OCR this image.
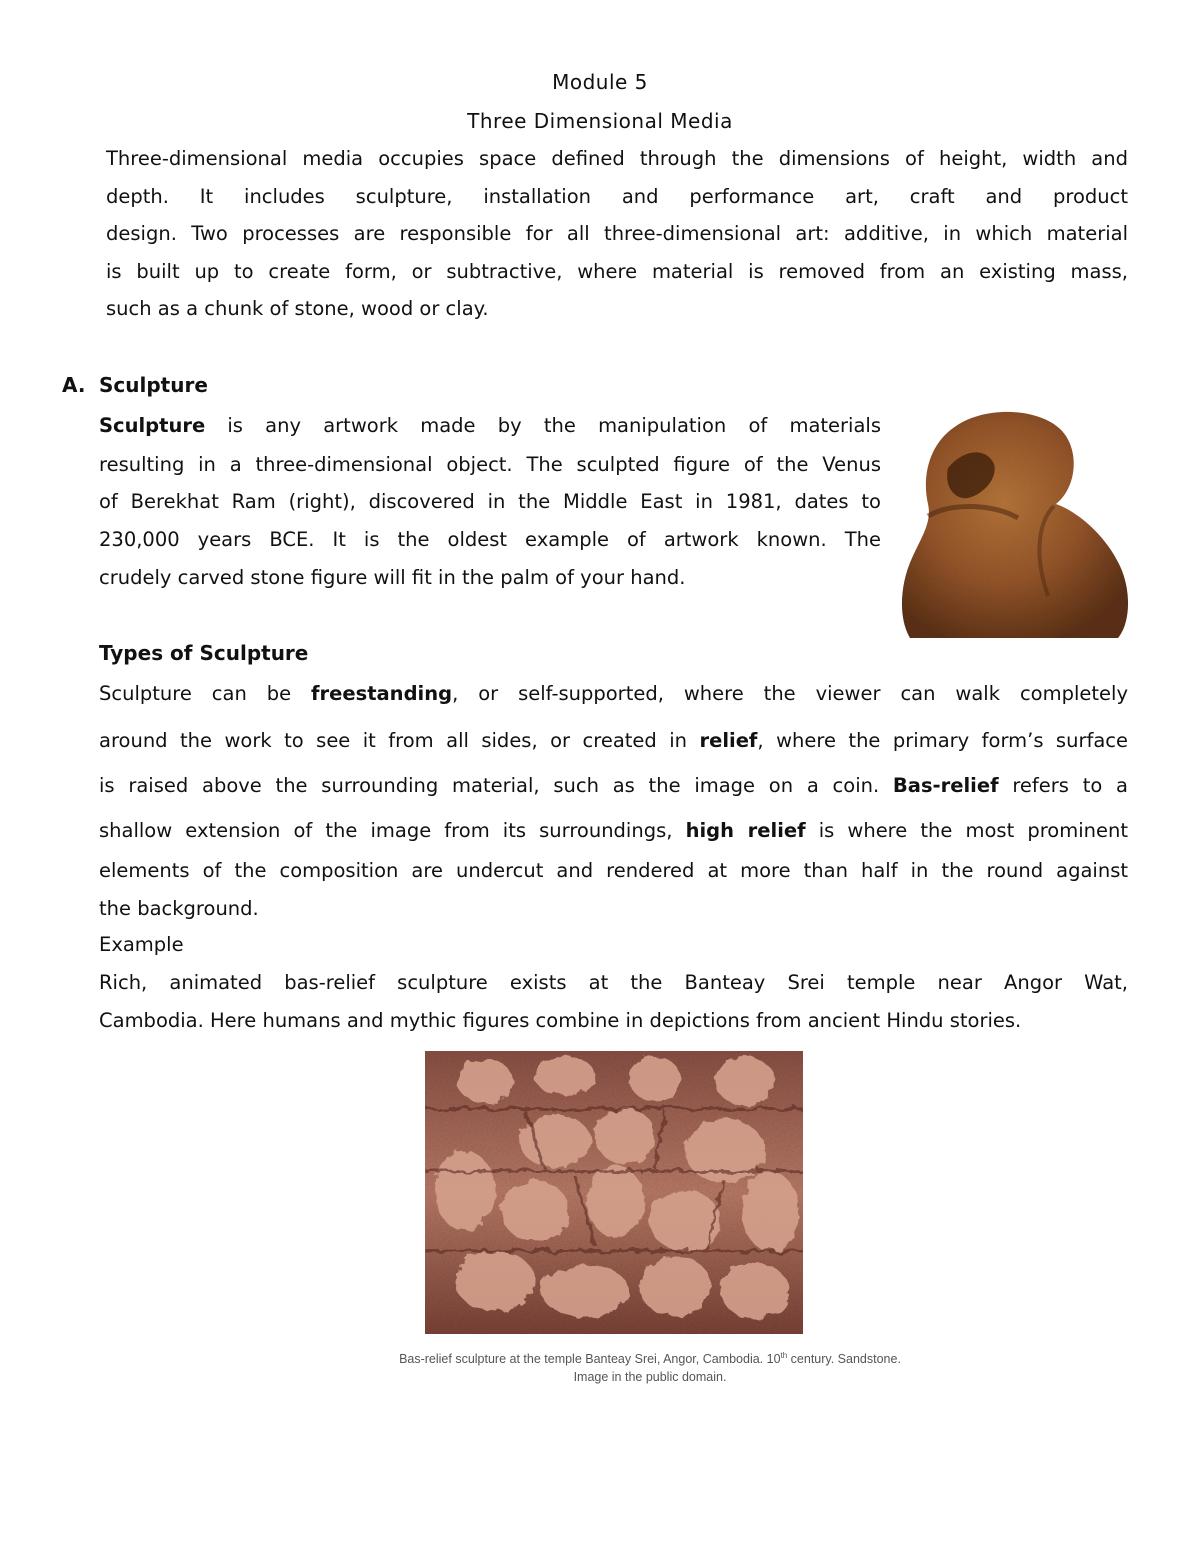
Module 5
Three Dimensional Media
Three-dimensional media occupies space defined through the dimensions of height, width and
depth. It includes sculpture, installation and performance art, craft and product
design. Two processes are responsible for all three-dimensional art: additive, in which material
is built up to create form, or subtractive, where material is removed from an existing mass,
such as a chunk of stone, wood or clay.
A. Sculpture
Sculpture is any artwork made by the manipulation of materials
resulting in a three-dimensional object. The sculpted figure of the Venus
of Berekhat Ram (right), discovered in the Middle East in 1981, dates to
230,000 years BCE. It is the oldest example of artwork known. The
crudely carved stone figure will fit in the palm of your hand.
Types of Sculpture
Sculpture can be freestanding, or self-supported, where the viewer can walk completely
around the work to see it from all sides, or created in relief, where the primary form’s surface
is raised above the surrounding material, such as the image on a coin. Bas-relief refers to a
shallow extension of the image from its surroundings, high relief is where the most prominent
elements of the composition are undercut and rendered at more than half in the round against
the background.
Example
Rich, animated bas-relief sculpture exists at the Banteay Srei temple near Angor Wat,
Cambodia. Here humans and mythic figures combine in depictions from ancient Hindu stories.
Bas-relief sculpture at the temple Banteay Srei, Angor, Cambodia. 10th century. Sandstone.
Image in the public domain.
